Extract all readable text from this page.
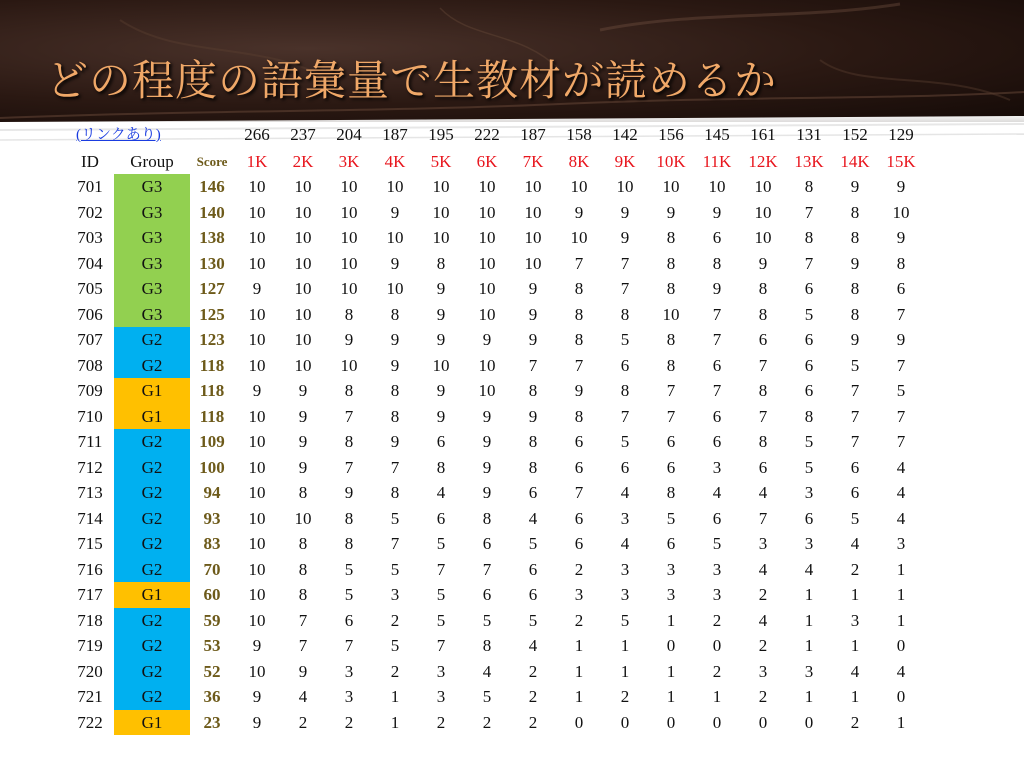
どの程度の語彙量で生教材が読めるか
(リンクあり)			266	237	204	187	195	222	187	158	142	156	145	161	131	152	129
ID	Group	Score	1K	2K	3K	4K	5K	6K	7K	8K	9K	10K	11K	12K	13K	14K	15K
701	G3	146	10	10	10	10	10	10	10	10	10	10	10	10	8	9	9
702	G3	140	10	10	10	9	10	10	10	9	9	9	9	10	7	8	10
703	G3	138	10	10	10	10	10	10	10	10	9	8	6	10	8	8	9
704	G3	130	10	10	10	9	8	10	10	7	7	8	8	9	7	9	8
705	G3	127	9	10	10	10	9	10	9	8	7	8	9	8	6	8	6
706	G3	125	10	10	8	8	9	10	9	8	8	10	7	8	5	8	7
707	G2	123	10	10	9	9	9	9	9	8	5	8	7	6	6	9	9
708	G2	118	10	10	10	9	10	10	7	7	6	8	6	7	6	5	7
709	G1	118	9	9	8	8	9	10	8	9	8	7	7	8	6	7	5
710	G1	118	10	9	7	8	9	9	9	8	7	7	6	7	8	7	7
711	G2	109	10	9	8	9	6	9	8	6	5	6	6	8	5	7	7
712	G2	100	10	9	7	7	8	9	8	6	6	6	3	6	5	6	4
713	G2	94	10	8	9	8	4	9	6	7	4	8	4	4	3	6	4
714	G2	93	10	10	8	5	6	8	4	6	3	5	6	7	6	5	4
715	G2	83	10	8	8	7	5	6	5	6	4	6	5	3	3	4	3
716	G2	70	10	8	5	5	7	7	6	2	3	3	3	4	4	2	1
717	G1	60	10	8	5	3	5	6	6	3	3	3	3	2	1	1	1
718	G2	59	10	7	6	2	5	5	5	2	5	1	2	4	1	3	1
719	G2	53	9	7	7	5	7	8	4	1	1	0	0	2	1	1	0
720	G2	52	10	9	3	2	3	4	2	1	1	1	2	3	3	4	4
721	G2	36	9	4	3	1	3	5	2	1	2	1	1	2	1	1	0
722	G1	23	9	2	2	1	2	2	2	0	0	0	0	0	0	2	1
